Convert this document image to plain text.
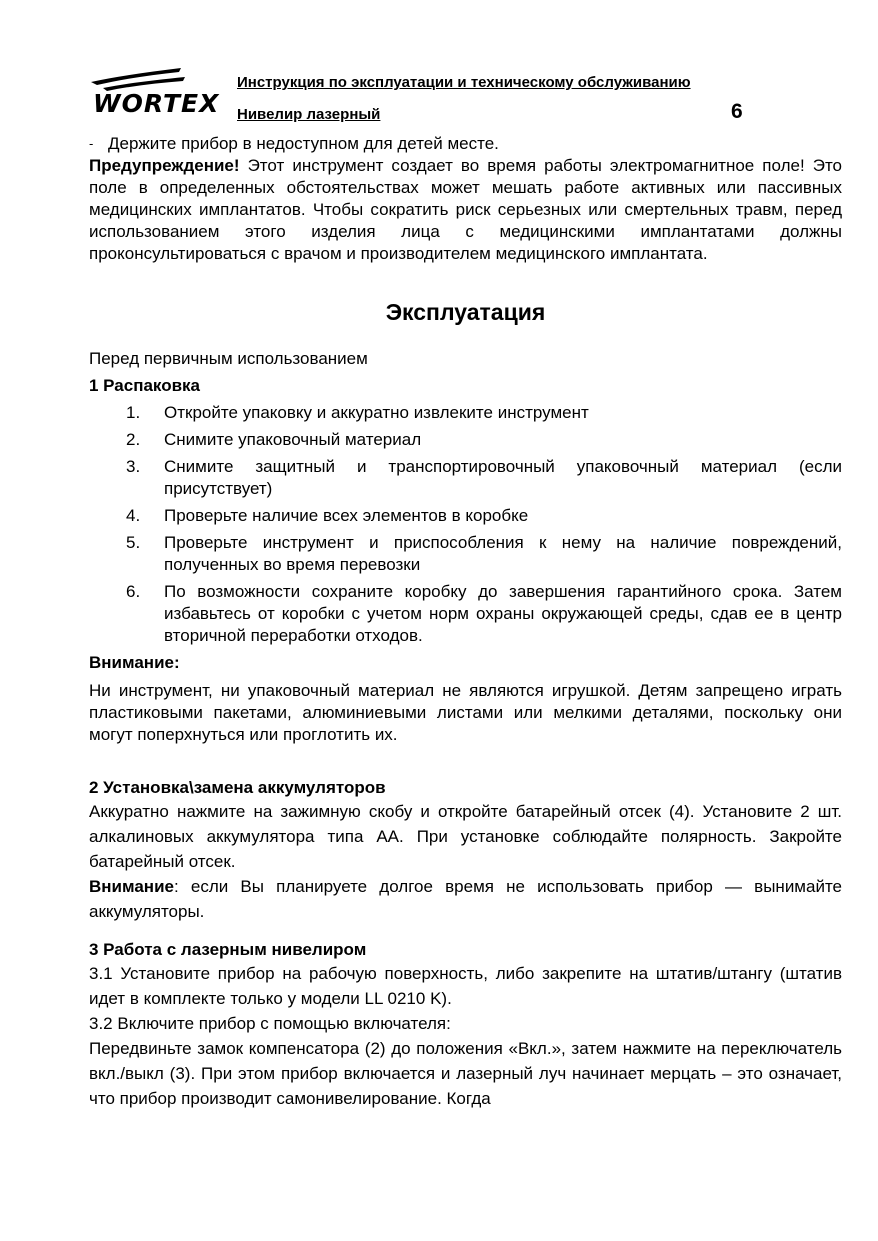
WORTEX
Инструкция по эксплуатации и техническому обслуживанию
Нивелир лазерный	6
- Держите прибор в недоступном для детей месте.

Предупреждение! Этот инструмент создает во время работы электромагнитное поле! Это поле в определенных обстоятельствах может мешать работе активных или пассивных медицинских имплантатов. Чтобы сократить риск серьезных или смертельных травм, перед использованием этого изделия лица с медицинскими имплантатами должны проконсультироваться с врачом и производителем медицинского имплантата.

Эксплуатация

Перед первичным использованием

1 Распаковка

1.	Откройте упаковку и аккуратно извлеките инструмент
2.	Снимите упаковочный материал
3.	Снимите защитный и транспортировочный упаковочный материал (если присутствует)
4.	Проверьте наличие всех элементов в коробке
5.	Проверьте инструмент и приспособления к нему на наличие повреждений, полученных во время перевозки
6.	По возможности сохраните коробку до завершения гарантийного срока. Затем избавьтесь от коробки с учетом норм охраны окружающей среды, сдав ее в центр вторичной переработки отходов.

Внимание:

Ни инструмент, ни упаковочный материал не являются игрушкой. Детям запрещено играть пластиковыми пакетами, алюминиевыми листами или мелкими деталями, поскольку они могут поперхнуться или проглотить их.

2 Установка\замена аккумуляторов

Аккуратно нажмите на зажимную скобу и откройте батарейный отсек (4). Установите 2 шт. алкалиновых аккумулятора типа АА. При установке соблюдайте полярность. Закройте батарейный отсек.

Внимание: если Вы планируете долгое время не использовать прибор — вынимайте аккумуляторы.

3 Работа с лазерным нивелиром

3.1 Установите прибор на рабочую поверхность, либо закрепите на штатив/штангу (штатив идет в комплекте только у модели LL 0210 K).

3.2 Включите прибор с помощью включателя:

Передвиньте замок компенсатора (2) до положения «Вкл.», затем нажмите на переключатель вкл./выкл (3). При этом прибор включается и лазерный луч начинает мерцать – это означает, что прибор производит самонивелирование. Когда
